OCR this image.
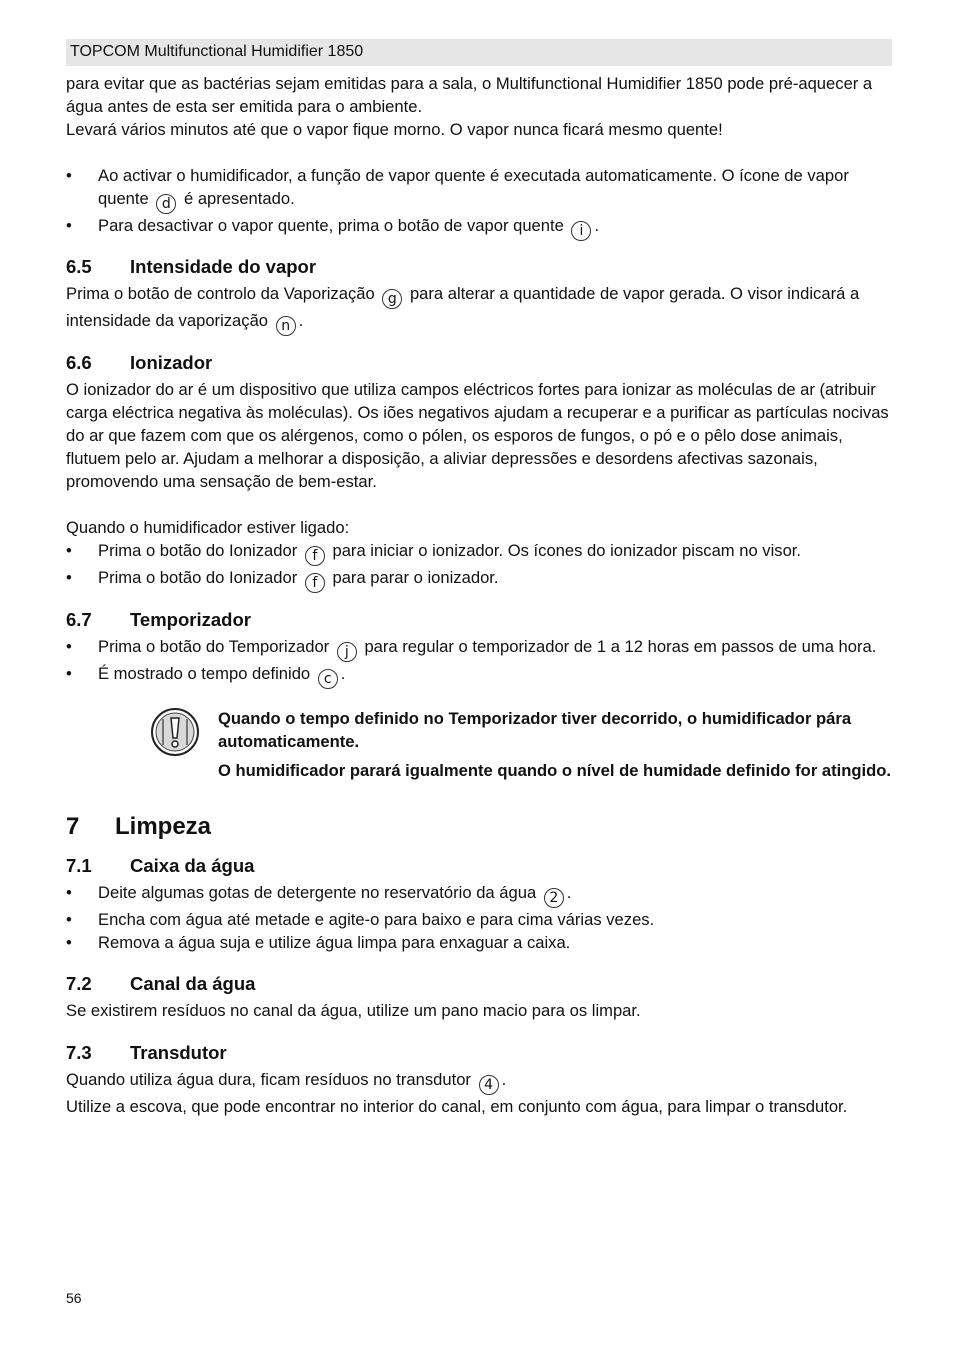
TOPCOM Multifunctional Humidifier 1850

para evitar que as bactérias sejam emitidas para a sala, o Multifunctional Humidifier 1850 pode pré-aquecer a água antes de esta ser emitida para o ambiente.

Levará vários minutos até que o vapor fique morno. O vapor nunca ficará mesmo quente!

•	Ao activar o humidificador, a função de vapor quente é executada automaticamente. O ícone de vapor quente d é apresentado.
•	Para desactivar o vapor quente, prima o botão de vapor quente i .
6.5	Intensidade do vapor

Prima o botão de controlo da Vaporização g para alterar a quantidade de vapor gerada. O visor indicará a intensidade da vaporização n .

6.6	Ionizador

O ionizador do ar é um dispositivo que utiliza campos eléctricos fortes para ionizar as moléculas de ar (atribuir carga eléctrica negativa às moléculas). Os iões negativos ajudam a recuperar e a purificar as partículas nocivas do ar que fazem com que os alérgenos, como o pólen, os esporos de fungos, o pó e o pêlo dose animais, flutuem pelo ar. Ajudam a melhorar a disposição, a aliviar depressões e desordens afectivas sazonais, promovendo uma sensação de bem-estar.

Quando o humidificador estiver ligado:

•	Prima o botão do Ionizador f para iniciar o ionizador. Os ícones do ionizador piscam no visor.
•	Prima o botão do Ionizador f para parar o ionizador.
6.7	Temporizador
•	Prima o botão do Temporizador j para regular o temporizador de 1 a 12 horas em passos de uma hora.
•	É mostrado o tempo definido c .

Quando o tempo definido no Temporizador tiver decorrido, o humidificador pára automaticamente.

O humidificador parará igualmente quando o nível de humidade definido for atingido.

7	Limpeza
7.1	Caixa da água
•	Deite algumas gotas de detergente no reservatório da água 2 .
•	Encha com água até metade e agite-o para baixo e para cima várias vezes.
•	Remova a água suja e utilize água limpa para enxaguar a caixa.
7.2	Canal da água

Se existirem resíduos no canal da água, utilize um pano macio para os limpar.

7.3	Transdutor

Quando utiliza água dura, ficam resíduos no transdutor 4 .

Utilize a escova, que pode encontrar no interior do canal, em conjunto com água, para limpar o transdutor.

56
